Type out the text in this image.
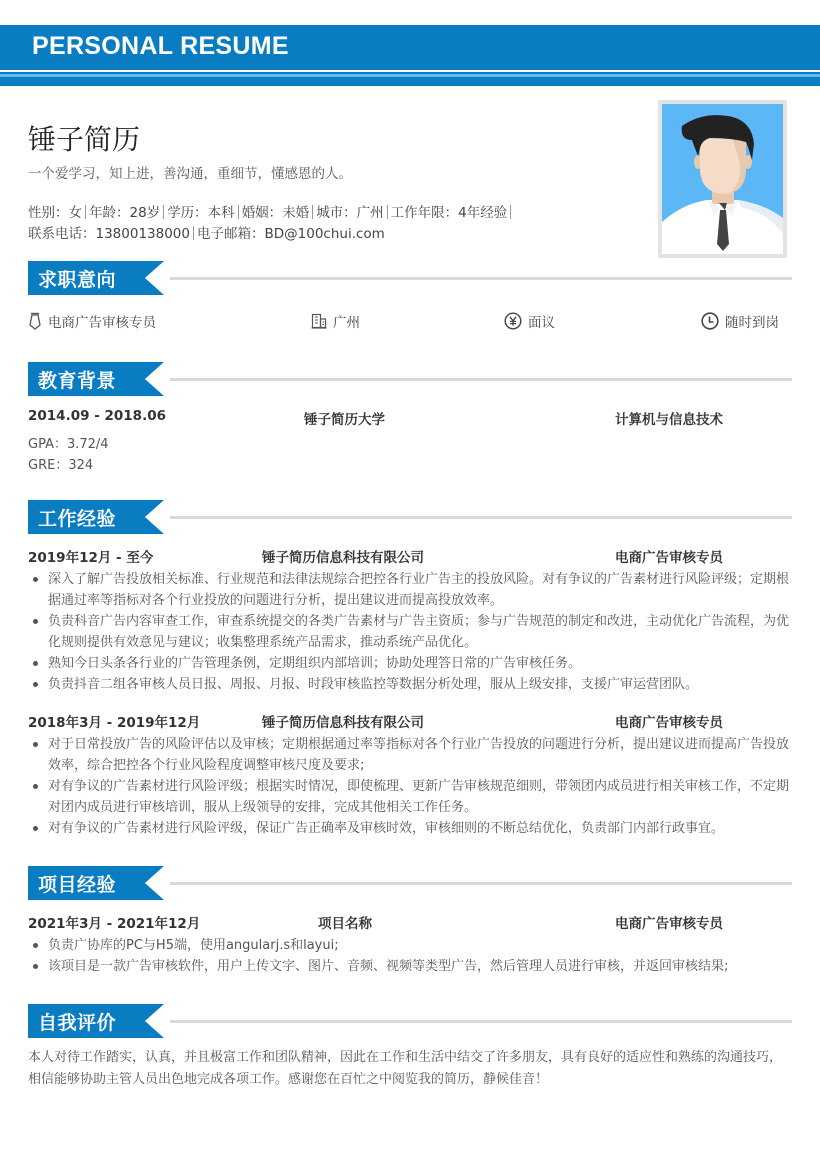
PERSONAL RESUME
锤子简历
一个爱学习，知上进，善沟通，重细节，懂感恩的人。
性别：女 年龄：28岁 学历：本科 婚姻：未婚 城市：广州 工作年限：4年经验
联系电话：13800138000 电子邮箱：BD@100chui.com
求职意向
电商广告审核专员	广州	面议	随时到岗
教育背景
2014.09 - 2018.06	锤子简历大学	计算机与信息技术
GPA：3.72/4
GRE：324
工作经验
2019年12月 - 至今	锤子简历信息科技有限公司	电商广告审核专员
深入了解广告投放相关标准、行业规范和法律法规综合把控各行业广告主的投放风险。对有争议的广告素材进行风险评级；定期根据通过率等指标对各个行业投放的问题进行分析，提出建议进而提高投放效率。
负责科音广告内容审查工作，审查系统提交的各类广告素材与广告主资质；参与广告规范的制定和改进，主动优化广告流程，为优化规则提供有效意见与建议；收集整理系统产品需求，推动系统产品优化。
熟知今日头条各行业的广告管理条例，定期组织内部培训；协助处理答日常的广告审核任务。
负责抖音二组各审核人员日报、周报、月报、时段审核监控等数据分析处理，服从上级安排，支援广审运营团队。
2018年3月 - 2019年12月	锤子简历信息科技有限公司	电商广告审核专员
对于日常投放广告的风险评估以及审核；定期根据通过率等指标对各个行业广告投放的问题进行分析，提出建议进而提高广告投放效率，综合把控各个行业风险程度调整审核尺度及要求;
对有争议的广告素材进行风险评级；根据实时情况，即使梳理、更新广告审核规范细则，带领团内成员进行相关审核工作，不定期对团内成员进行审核培训，服从上级领导的安排，完成其他相关工作任务。
对有争议的广告素材进行风险评级，保证广告正确率及审核时效，审核细则的不断总结优化，负责部门内部行政事宜。
项目经验
2021年3月 - 2021年12月	项目名称	电商广告审核专员
负责广协库的PC与H5端，使用angularj.s和layui;
该项目是一款广告审核软件，用户上传文字、图片、音频、视频等类型广告，然后管理人员进行审核，并返回审核结果;
自我评价
本人对待工作踏实，认真，并且极富工作和团队精神，因此在工作和生活中结交了许多朋友，具有良好的适应性和熟练的沟通技巧，相信能够协助主管人员出色地完成各项工作。感谢您在百忙之中阅览我的简历，静候佳音！
